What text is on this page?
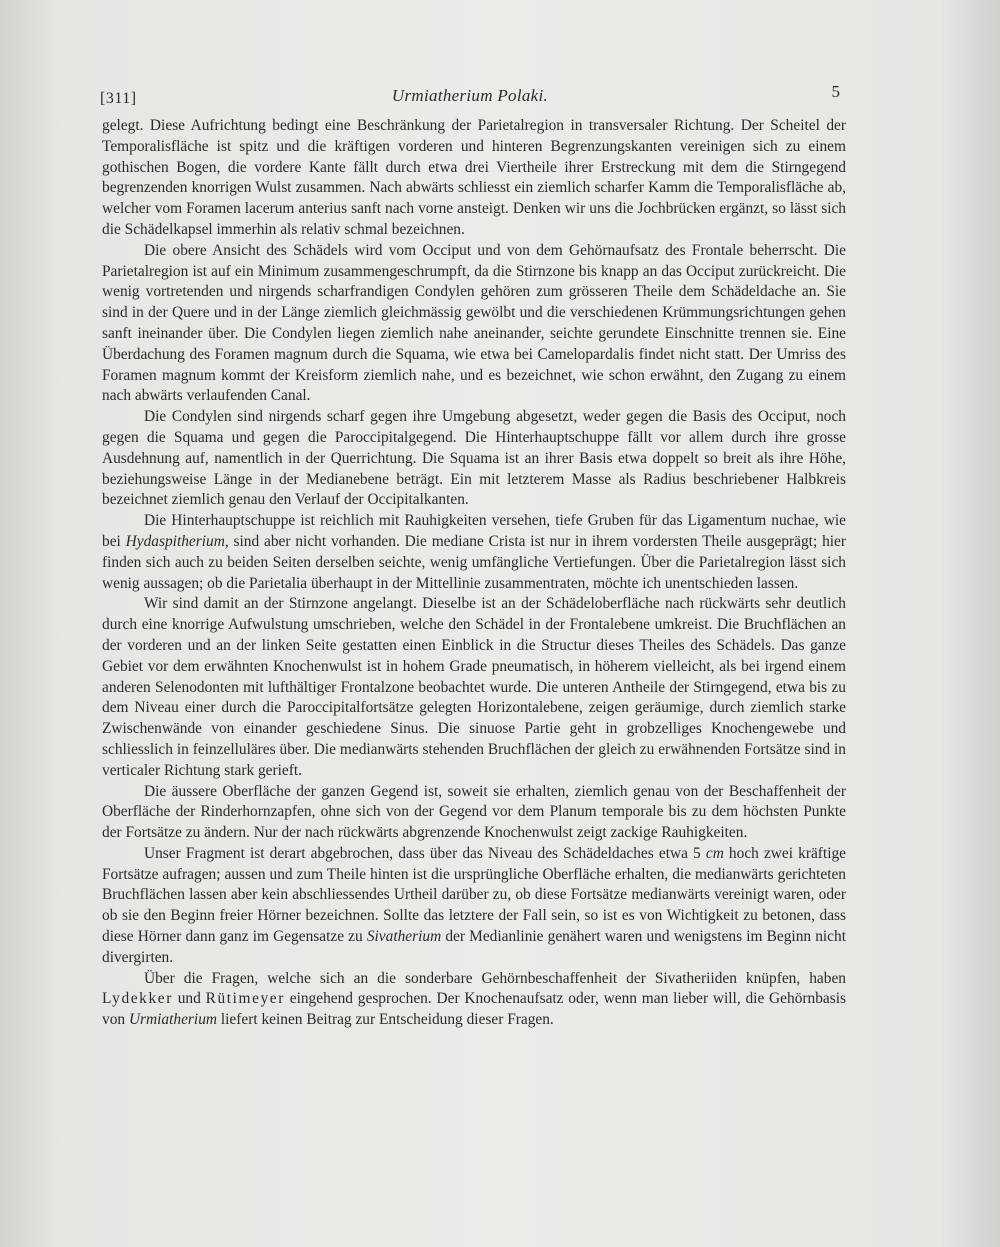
[311]	Urmiatherium Polaki.	5

gelegt. Diese Aufrichtung bedingt eine Beschränkung der Parietalregion in transversaler Richtung. Der Scheitel der Temporalisfläche ist spitz und die kräftigen vorderen und hinteren Begrenzungskanten vereinigen sich zu einem gothischen Bogen, die vordere Kante fällt durch etwa drei Viertheile ihrer Erstreckung mit dem die Stirngegend begrenzenden knorrigen Wulst zusammen. Nach abwärts schliesst ein ziemlich scharfer Kamm die Temporalisfläche ab, welcher vom Foramen lacerum anterius sanft nach vorne ansteigt. Denken wir uns die Jochbrücken ergänzt, so lässt sich die Schädelkapsel immerhin als relativ schmal bezeichnen.

Die obere Ansicht des Schädels wird vom Occiput und von dem Gehörnaufsatz des Frontale beherrscht. Die Parietalregion ist auf ein Minimum zusammengeschrumpft, da die Stirnzone bis knapp an das Occiput zurückreicht. Die wenig vortretenden und nirgends scharfrandigen Condylen gehören zum grösseren Theile dem Schädeldache an. Sie sind in der Quere und in der Länge ziemlich gleichmässig gewölbt und die verschiedenen Krümmungsrichtungen gehen sanft ineinander über. Die Condylen liegen ziemlich nahe aneinander, seichte gerundete Einschnitte trennen sie. Eine Überdachung des Foramen magnum durch die Squama, wie etwa bei Camelopardalis findet nicht statt. Der Umriss des Foramen magnum kommt der Kreisform ziemlich nahe, und es bezeichnet, wie schon erwähnt, den Zugang zu einem nach abwärts verlaufenden Canal.

Die Condylen sind nirgends scharf gegen ihre Umgebung abgesetzt, weder gegen die Basis des Occiput, noch gegen die Squama und gegen die Paroccipitalgegend. Die Hinterhauptschuppe fällt vor allem durch ihre grosse Ausdehnung auf, namentlich in der Querrichtung. Die Squama ist an ihrer Basis etwa doppelt so breit als ihre Höhe, beziehungsweise Länge in der Medianebene beträgt. Ein mit letzterem Masse als Radius beschriebener Halbkreis bezeichnet ziemlich genau den Verlauf der Occipitalkanten.

Die Hinterhauptschuppe ist reichlich mit Rauhigkeiten versehen, tiefe Gruben für das Ligamentum nuchae, wie bei Hydaspitherium, sind aber nicht vorhanden. Die mediane Crista ist nur in ihrem vordersten Theile ausgeprägt; hier finden sich auch zu beiden Seiten derselben seichte, wenig umfängliche Vertiefungen. Über die Parietalregion lässt sich wenig aussagen; ob die Parietalia überhaupt in der Mittellinie zusammentraten, möchte ich unentschieden lassen.

Wir sind damit an der Stirnzone angelangt. Dieselbe ist an der Schädeloberfläche nach rückwärts sehr deutlich durch eine knorrige Aufwulstung umschrieben, welche den Schädel in der Frontalebene umkreist. Die Bruchflächen an der vorderen und an der linken Seite gestatten einen Einblick in die Structur dieses Theiles des Schädels. Das ganze Gebiet vor dem erwähnten Knochenwulst ist in hohem Grade pneumatisch, in höherem vielleicht, als bei irgend einem anderen Selenodonten mit lufthältiger Frontalzone beobachtet wurde. Die unteren Antheile der Stirngegend, etwa bis zu dem Niveau einer durch die Paroccipitalfortsätze gelegten Horizontalebene, zeigen geräumige, durch ziemlich starke Zwischenwände von einander geschiedene Sinus. Die sinuose Partie geht in grobzelliges Knochengewebe und schliesslich in feinzelluläres über. Die medianwärts stehenden Bruchflächen der gleich zu erwähnenden Fortsätze sind in verticaler Richtung stark gerieft.

Die äussere Oberfläche der ganzen Gegend ist, soweit sie erhalten, ziemlich genau von der Beschaffenheit der Oberfläche der Rinderhornzapfen, ohne sich von der Gegend vor dem Planum temporale bis zu dem höchsten Punkte der Fortsätze zu ändern. Nur der nach rückwärts abgrenzende Knochenwulst zeigt zackige Rauhigkeiten.

Unser Fragment ist derart abgebrochen, dass über das Niveau des Schädeldaches etwa 5 cm hoch zwei kräftige Fortsätze aufragen; aussen und zum Theile hinten ist die ursprüngliche Oberfläche erhalten, die medianwärts gerichteten Bruchflächen lassen aber kein abschliessendes Urtheil darüber zu, ob diese Fortsätze medianwärts vereinigt waren, oder ob sie den Beginn freier Hörner bezeichnen. Sollte das letztere der Fall sein, so ist es von Wichtigkeit zu betonen, dass diese Hörner dann ganz im Gegensatze zu Sivatherium der Medianlinie genähert waren und wenigstens im Beginn nicht divergirten.

Über die Fragen, welche sich an die sonderbare Gehörnbeschaffenheit der Sivatheriiden knüpfen, haben Lydekker und Rütimeyer eingehend gesprochen. Der Knochenaufsatz oder, wenn man lieber will, die Gehörnbasis von Urmiatherium liefert keinen Beitrag zur Entscheidung dieser Fragen.
